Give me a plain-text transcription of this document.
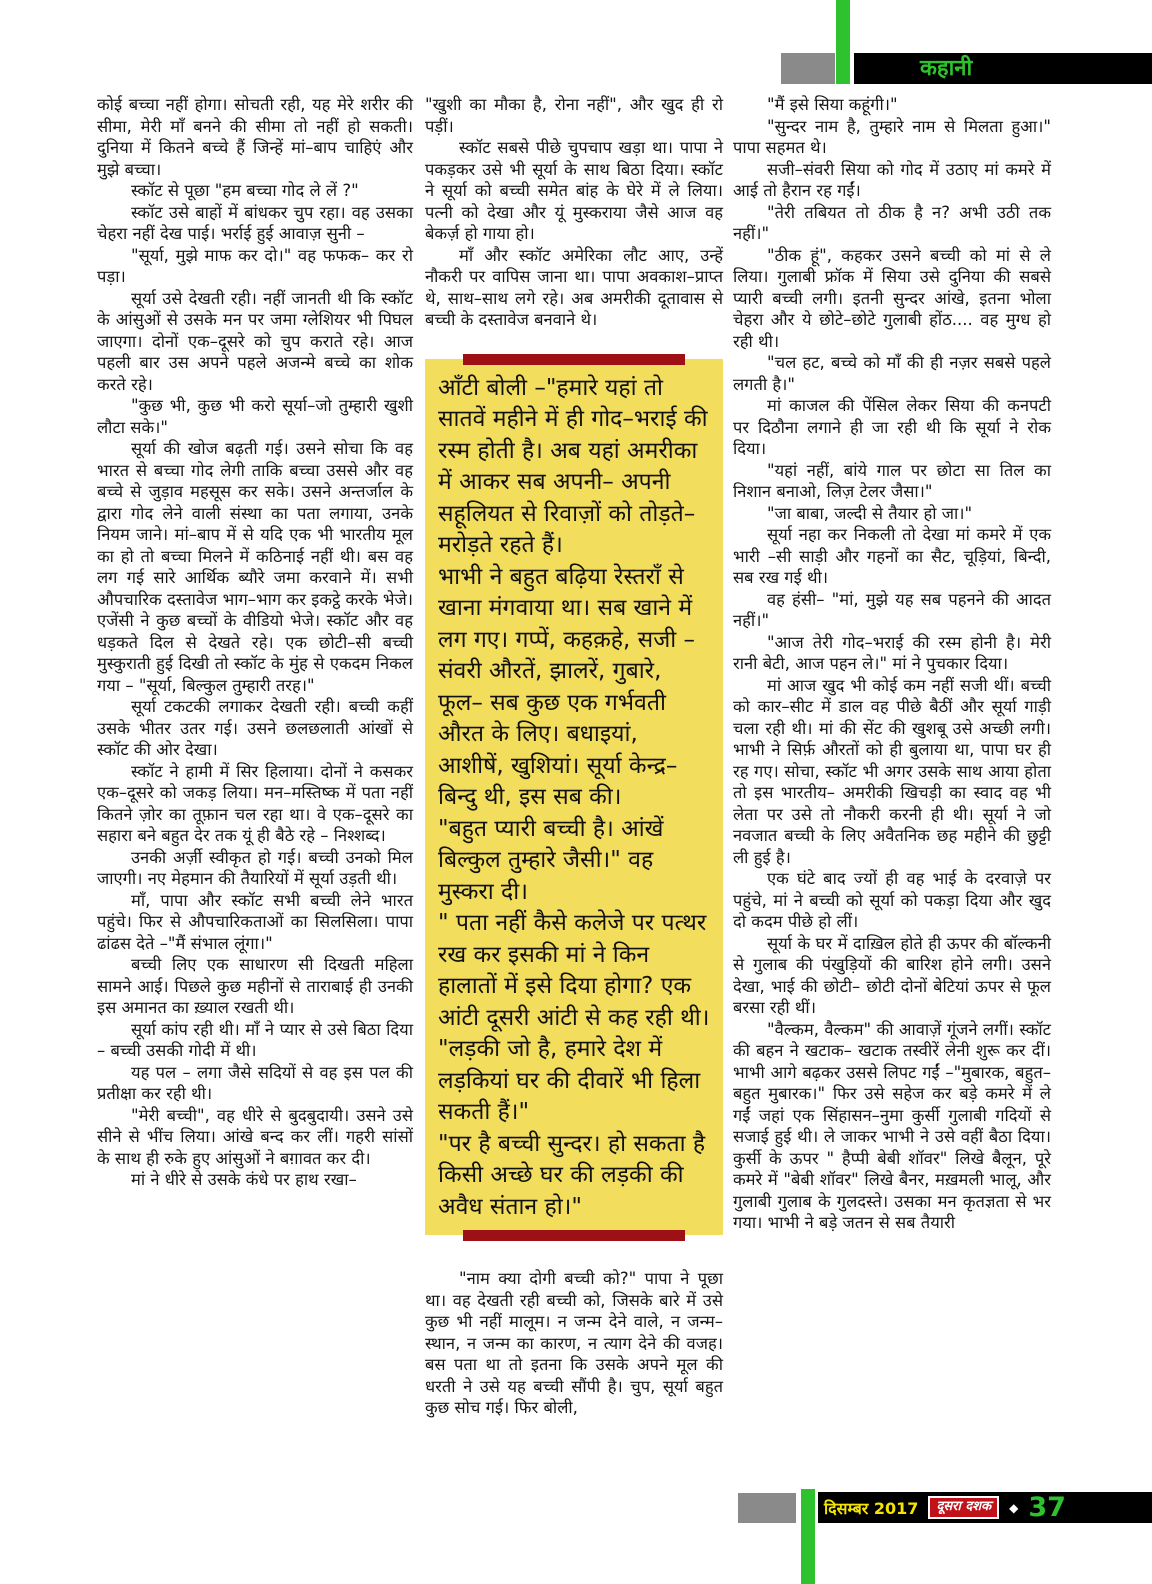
कहानी

कोई बच्चा नहीं होगा। सोचती रही, यह मेरे शरीर की सीमा, मेरी माँ बनने की सीमा तो नहीं हो सकती। दुनिया में कितने बच्चे हैं जिन्हें मां–बाप चाहिएं और मुझे बच्चा।

स्कॉट से पूछा "हम बच्चा गोद ले लें ?"

स्कॉट उसे बाहों में बांधकर चुप रहा। वह उसका चेहरा नहीं देख पाई। भर्राई हुई आवाज़ सुनी –

"सूर्या, मुझे माफ कर दो।" वह फफक– कर रो पड़ा।

सूर्या उसे देखती रही। नहीं जानती थी कि स्कॉट के आंसुओं से उसके मन पर जमा ग्लेशियर भी पिघल जाएगा। दोनों एक–दूसरे को चुप कराते रहे। आज पहली बार उस अपने पहले अजन्मे बच्चे का शोक करते रहे।

"कुछ भी, कुछ भी करो सूर्या–जो तुम्हारी खुशी लौटा सके।"

सूर्या की खोज बढ़ती गई। उसने सोचा कि वह भारत से बच्चा गोद लेगी ताकि बच्चा उससे और वह बच्चे से जुड़ाव महसूस कर सके। उसने अन्तर्जाल के द्वारा गोद लेने वाली संस्था का पता लगाया, उनके नियम जाने। मां–बाप में से यदि एक भी भारतीय मूल का हो तो बच्चा मिलने में कठिनाई नहीं थी। बस वह लग गई सारे आर्थिक ब्यौरे जमा करवाने में। सभी औपचारिक दस्तावेज भाग–भाग कर इकट्ठे करके भेजे। एजेंसी ने कुछ बच्चों के वीडियो भेजे। स्कॉट और वह धड़कते दिल से देखते रहे। एक छोटी–सी बच्ची मुस्कुराती हुई दिखी तो स्कॉट के मुंह से एकदम निकल गया – "सूर्या, बिल्कुल तुम्हारी तरह।"

सूर्या टकटकी लगाकर देखती रही। बच्ची कहीं उसके भीतर उतर गई। उसने छलछलाती आंखों से स्कॉट की ओर देखा।

स्कॉट ने हामी में सिर हिलाया। दोनों ने कसकर एक–दूसरे को जकड़ लिया। मन–मस्तिष्क में पता नहीं कितने ज़ोर का तूफ़ान चल रहा था। वे एक–दूसरे का सहारा बने बहुत देर तक यूं ही बैठे रहे – निश्शब्द।

उनकी अर्ज़ी स्वीकृत हो गई। बच्ची उनको मिल जाएगी। नए मेहमान की तैयारियों में सूर्या उड़ती थी।

माँ, पापा और स्कॉट सभी बच्ची लेने भारत पहुंचे। फिर से औपचारिकताओं का सिलसिला। पापा ढांढस देते –"मैं संभाल लूंगा।"

बच्ची लिए एक साधारण सी दिखती महिला सामने आई। पिछले कुछ महीनों से ताराबाई ही उनकी इस अमानत का ख़्याल रखती थी।

सूर्या कांप रही थी। माँ ने प्यार से उसे बिठा दिया – बच्ची उसकी गोदी में थी।

यह पल – लगा जैसे सदियों से वह इस पल की प्रतीक्षा कर रही थी।

"मेरी बच्ची", वह धीरे से बुदबुदायी। उसने उसे सीने से भींच लिया। आंखे बन्द कर लीं। गहरी सांसों के साथ ही रुके हुए आंसुओं ने बग़ावत कर दी।

मां ने धीरे से उसके कंधे पर हाथ रखा–

"खुशी का मौका है, रोना नहीं", और खुद ही रो पड़ीं।

स्कॉट सबसे पीछे चुपचाप खड़ा था। पापा ने पकड़कर उसे भी सूर्या के साथ बिठा दिया। स्कॉट ने सूर्या को बच्ची समेत बांह के घेरे में ले लिया। पत्नी को देखा और यूं मुस्कराया जैसे आज वह बेकर्ज़ हो गाया हो।

माँ और स्कॉट अमेरिका लौट आए, उन्हें नौकरी पर वापिस जाना था। पापा अवकाश–प्राप्त थे, साथ–साथ लगे रहे। अब अमरीकी दूतावास से बच्ची के दस्तावेज बनवाने थे।

आँटी बोली –"हमारे यहां तो सातवें महीने में ही गोद–भराई की रस्म होती है। अब यहां अमरीका में आकर सब अपनी– अपनी सहूलियत से रिवाज़ों को तोड़ते– मरोड़ते रहते हैं।

भाभी ने बहुत बढ़िया रेस्तराँ से खाना मंगवाया था। सब खाने में लग गए। गप्पें, कहक़हे, सजी – संवरी औरतें, झालरें, गुबारे, फूल– सब कुछ एक गर्भवती औरत के लिए। बधाइयां, आशीषें, खुशियां। सूर्या केन्द्र–बिन्दु थी, इस सब की।

"बहुत प्यारी बच्ची है। आंखें बिल्कुल तुम्हारे जैसी।" वह मुस्करा दी।

" पता नहीं कैसे कलेजे पर पत्थर रख कर इसकी मां ने किन हालातों में इसे दिया होगा? एक आंटी दूसरी आंटी से कह रही थी।

"लड़की जो है, हमारे देश में लड़कियां घर की दीवारें भी हिला सकती हैं।"

"पर है बच्ची सुन्दर। हो सकता है किसी अच्छे घर की लड़की की अवैध संतान हो।"

"नाम क्या दोगी बच्ची को?" पापा ने पूछा था। वह देखती रही बच्ची को, जिसके बारे में उसे कुछ भी नहीं मालूम। न जन्म देने वाले, न जन्म–स्थान, न जन्म का कारण, न त्याग देने की वजह। बस पता था तो इतना कि उसके अपने मूल की धरती ने उसे यह बच्ची सौंपी है। चुप, सूर्या बहुत कुछ सोच गई। फिर बोली,

"मैं इसे सिया कहूंगी।"

"सुन्दर नाम है, तुम्हारे नाम से मिलता हुआ।" पापा सहमत थे।

सजी–संवरी सिया को गोद में उठाए मां कमरे में आई तो हैरान रह गईं।

"तेरी तबियत तो ठीक है न? अभी उठी तक नहीं।"

"ठीक हूं", कहकर उसने बच्ची को मां से ले लिया। गुलाबी फ्रॉक में सिया उसे दुनिया की सबसे प्यारी बच्ची लगी। इतनी सुन्दर आंखे, इतना भोला चेहरा और ये छोटे–छोटे गुलाबी होंठ.... वह मुग्ध हो रही थी।

"चल हट, बच्चे को माँ की ही नज़र सबसे पहले लगती है।"

मां काजल की पेंसिल लेकर सिया की कनपटी पर दिठौना लगाने ही जा रही थी कि सूर्या ने रोक दिया।

"यहां नहीं, बांये गाल पर छोटा सा तिल का निशान बनाओ, लिज़ टेलर जैसा।"

"जा बाबा, जल्दी से तैयार हो जा।"

सूर्या नहा कर निकली तो देखा मां कमरे में एक भारी –सी साड़ी और गहनों का सैट, चूड़ियां, बिन्दी, सब रख गई थी।

वह हंसी– "मां, मुझे यह सब पहनने की आदत नहीं।"

"आज तेरी गोद–भराई की रस्म होनी है। मेरी रानी बेटी, आज पहन ले।" मां ने पुचकार दिया।

मां आज खुद भी कोई कम नहीं सजी थीं। बच्ची को कार–सीट में डाल वह पीछे बैठीं और सूर्या गाड़ी चला रही थी। मां की सेंट की खुशबू उसे अच्छी लगी। भाभी ने सिर्फ़ औरतों को ही बुलाया था, पापा घर ही रह गए। सोचा, स्कॉट भी अगर उसके साथ आया होता तो इस भारतीय– अमरीकी खिचड़ी का स्वाद वह भी लेता पर उसे तो नौकरी करनी ही थी। सूर्या ने जो नवजात बच्ची के लिए अवैतनिक छह महीने की छुट्टी ली हुई है।

एक घंटे बाद ज्यों ही वह भाई के दरवाज़े पर पहुंचे, मां ने बच्ची को सूर्या को पकड़ा दिया और खुद दो कदम पीछे हो लीं।

सूर्या के घर में दाख़िल होते ही ऊपर की बॉल्कनी से गुलाब की पंखुड़ियों की बारिश होने लगी। उसने देखा, भाई की छोटी– छोटी दोनों बेटियां ऊपर से फूल बरसा रही थीं।

"वैल्कम, वैल्कम" की आवाज़ें गूंजने लगीं। स्कॉट की बहन ने खटाक– खटाक तस्वीरें लेनी शुरू कर दीं। भाभी आगे बढ़कर उससे लिपट गईं –"मुबारक, बहुत–बहुत मुबारक।" फिर उसे सहेज कर बड़े कमरे में ले गईं जहां एक सिंहासन–नुमा कुर्सी गुलाबी गदियों से सजाई हुई थी। ले जाकर भाभी ने उसे वहीं बैठा दिया। कुर्सी के ऊपर " हैप्पी बेबी शॉवर" लिखे बैलून, पूरे कमरे में "बेबी शॉवर" लिखे बैनर, मख़मली भालू, और गुलाबी गुलाब के गुलदस्ते। उसका मन कृतज्ञता से भर गया। भाभी ने बड़े जतन से सब तैयारी

दिसम्बर 2017	दूसरा दशक	◆ 37
